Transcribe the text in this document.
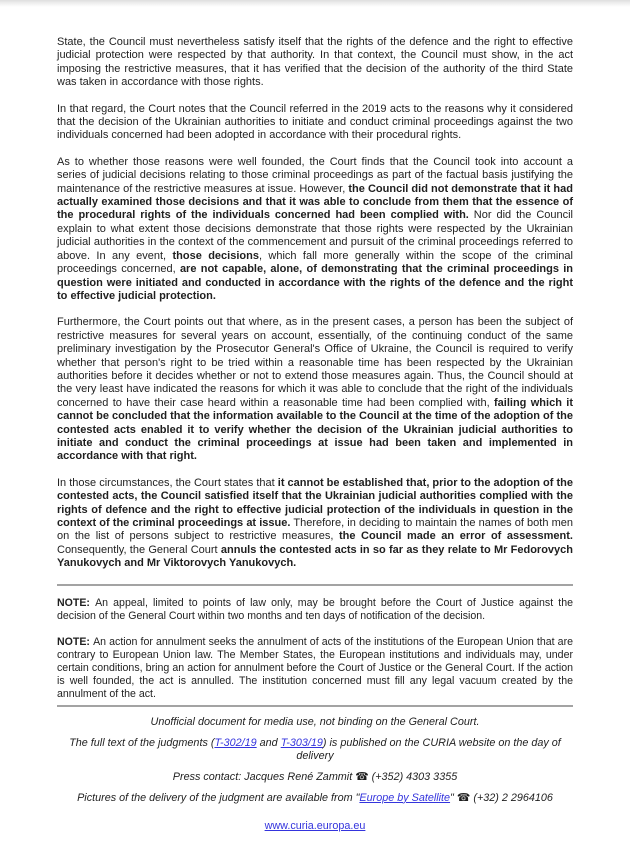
State, the Council must nevertheless satisfy itself that the rights of the defence and the right to effective judicial protection were respected by that authority. In that context, the Council must show, in the act imposing the restrictive measures, that it has verified that the decision of the authority of the third State was taken in accordance with those rights.

In that regard, the Court notes that the Council referred in the 2019 acts to the reasons why it considered that the decision of the Ukrainian authorities to initiate and conduct criminal proceedings against the two individuals concerned had been adopted in accordance with their procedural rights.

As to whether those reasons were well founded, the Court finds that the Council took into account a series of judicial decisions relating to those criminal proceedings as part of the factual basis justifying the maintenance of the restrictive measures at issue. However, the Council did not demonstrate that it had actually examined those decisions and that it was able to conclude from them that the essence of the procedural rights of the individuals concerned had been complied with. Nor did the Council explain to what extent those decisions demonstrate that those rights were respected by the Ukrainian judicial authorities in the context of the commencement and pursuit of the criminal proceedings referred to above. In any event, those decisions, which fall more generally within the scope of the criminal proceedings concerned, are not capable, alone, of demonstrating that the criminal proceedings in question were initiated and conducted in accordance with the rights of the defence and the right to effective judicial protection.

Furthermore, the Court points out that where, as in the present cases, a person has been the subject of restrictive measures for several years on account, essentially, of the continuing conduct of the same preliminary investigation by the Prosecutor General's Office of Ukraine, the Council is required to verify whether that person's right to be tried within a reasonable time has been respected by the Ukrainian authorities before it decides whether or not to extend those measures again. Thus, the Council should at the very least have indicated the reasons for which it was able to conclude that the right of the individuals concerned to have their case heard within a reasonable time had been complied with, failing which it cannot be concluded that the information available to the Council at the time of the adoption of the contested acts enabled it to verify whether the decision of the Ukrainian judicial authorities to initiate and conduct the criminal proceedings at issue had been taken and implemented in accordance with that right.

In those circumstances, the Court states that it cannot be established that, prior to the adoption of the contested acts, the Council satisfied itself that the Ukrainian judicial authorities complied with the rights of defence and the right to effective judicial protection of the individuals in question in the context of the criminal proceedings at issue. Therefore, in deciding to maintain the names of both men on the list of persons subject to restrictive measures, the Council made an error of assessment. Consequently, the General Court annuls the contested acts in so far as they relate to Mr Fedorovych Yanukovych and Mr Viktorovych Yanukovych.

NOTE: An appeal, limited to points of law only, may be brought before the Court of Justice against the decision of the General Court within two months and ten days of notification of the decision.

NOTE: An action for annulment seeks the annulment of acts of the institutions of the European Union that are contrary to European Union law. The Member States, the European institutions and individuals may, under certain conditions, bring an action for annulment before the Court of Justice or the General Court. If the action is well founded, the act is annulled. The institution concerned must fill any legal vacuum created by the annulment of the act.

Unofficial document for media use, not binding on the General Court.

The full text of the judgments (T-302/19 and T-303/19) is published on the CURIA website on the day of delivery

Press contact: Jacques René Zammit ☎ (+352) 4303 3355

Pictures of the delivery of the judgment are available from "Europe by Satellite" ☎ (+32) 2 2964106

www.curia.europa.eu
